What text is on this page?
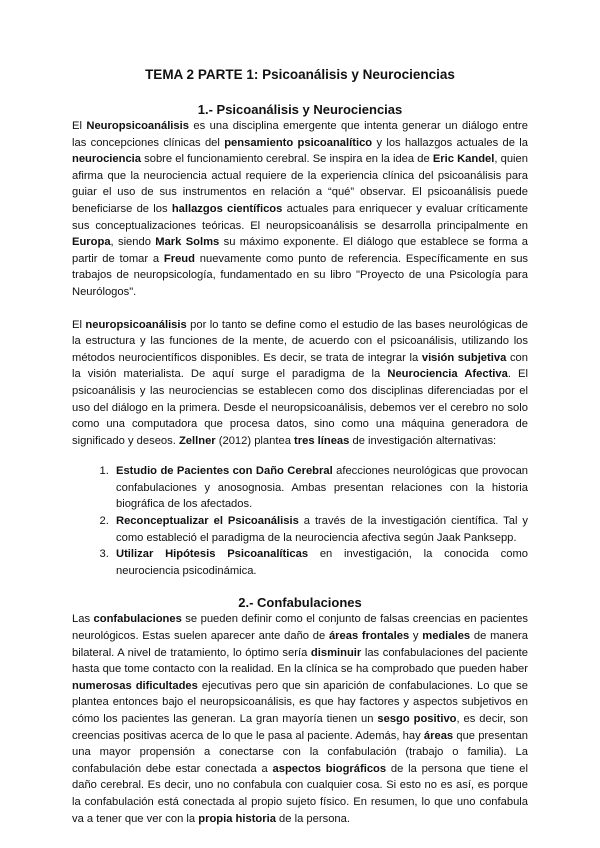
TEMA 2 PARTE 1: Psicoanálisis y Neurociencias
1.- Psicoanálisis y Neurociencias

El Neuropsicoanálisis es una disciplina emergente que intenta generar un diálogo entre las concepciones clínicas del pensamiento psicoanalítico y los hallazgos actuales de la neurociencia sobre el funcionamiento cerebral. Se inspira en la idea de Eric Kandel, quien afirma que la neurociencia actual requiere de la experiencia clínica del psicoanálisis para guiar el uso de sus instrumentos en relación a “qué” observar. El psicoanálisis puede beneficiarse de los hallazgos científicos actuales para enriquecer y evaluar críticamente sus conceptualizaciones teóricas. El neuropsicoanálisis se desarrolla principalmente en Europa, siendo Mark Solms su máximo exponente. El diálogo que establece se forma a partir de tomar a Freud nuevamente como punto de referencia. Específicamente en sus trabajos de neuropsicología, fundamentado en su libro "Proyecto de una Psicología para Neurólogos".

El neuropsicoanálisis por lo tanto se define como el estudio de las bases neurológicas de la estructura y las funciones de la mente, de acuerdo con el psicoanálisis, utilizando los métodos neurocientíficos disponibles. Es decir, se trata de integrar la visión subjetiva con la visión materialista. De aquí surge el paradigma de la Neurociencia Afectiva. El psicoanálisis y las neurociencias se establecen como dos disciplinas diferenciadas por el uso del diálogo en la primera. Desde el neuropsicoanálisis, debemos ver el cerebro no solo como una computadora que procesa datos, sino como una máquina generadora de significado y deseos. Zellner (2012) plantea tres líneas de investigación alternativas:

1. Estudio de Pacientes con Daño Cerebral afecciones neurológicas que provocan confabulaciones y anosognosia. Ambas presentan relaciones con la historia biográfica de los afectados.
2. Reconceptualizar el Psicoanálisis a través de la investigación científica. Tal y como estableció el paradigma de la neurociencia afectiva según Jaak Panksepp.
3. Utilizar Hipótesis Psicoanalíticas en investigación, la conocida como neurociencia psicodinámica.
2.- Confabulaciones

Las confabulaciones se pueden definir como el conjunto de falsas creencias en pacientes neurológicos. Estas suelen aparecer ante daño de áreas frontales y mediales de manera bilateral. A nivel de tratamiento, lo óptimo sería disminuir las confabulaciones del paciente hasta que tome contacto con la realidad. En la clínica se ha comprobado que pueden haber numerosas dificultades ejecutivas pero que sin aparición de confabulaciones. Lo que se plantea entonces bajo el neuropsicoanálisis, es que hay factores y aspectos subjetivos en cómo los pacientes las generan. La gran mayoría tienen un sesgo positivo, es decir, son creencias positivas acerca de lo que le pasa al paciente. Además, hay áreas que presentan una mayor propensión a conectarse con la confabulación (trabajo o familia). La confabulación debe estar conectada a aspectos biográficos de la persona que tiene el daño cerebral. Es decir, uno no confabula con cualquier cosa. Si esto no es así, es porque la confabulación está conectada al propio sujeto físico. En resumen, lo que uno confabula va a tener que ver con la propia historia de la persona.
